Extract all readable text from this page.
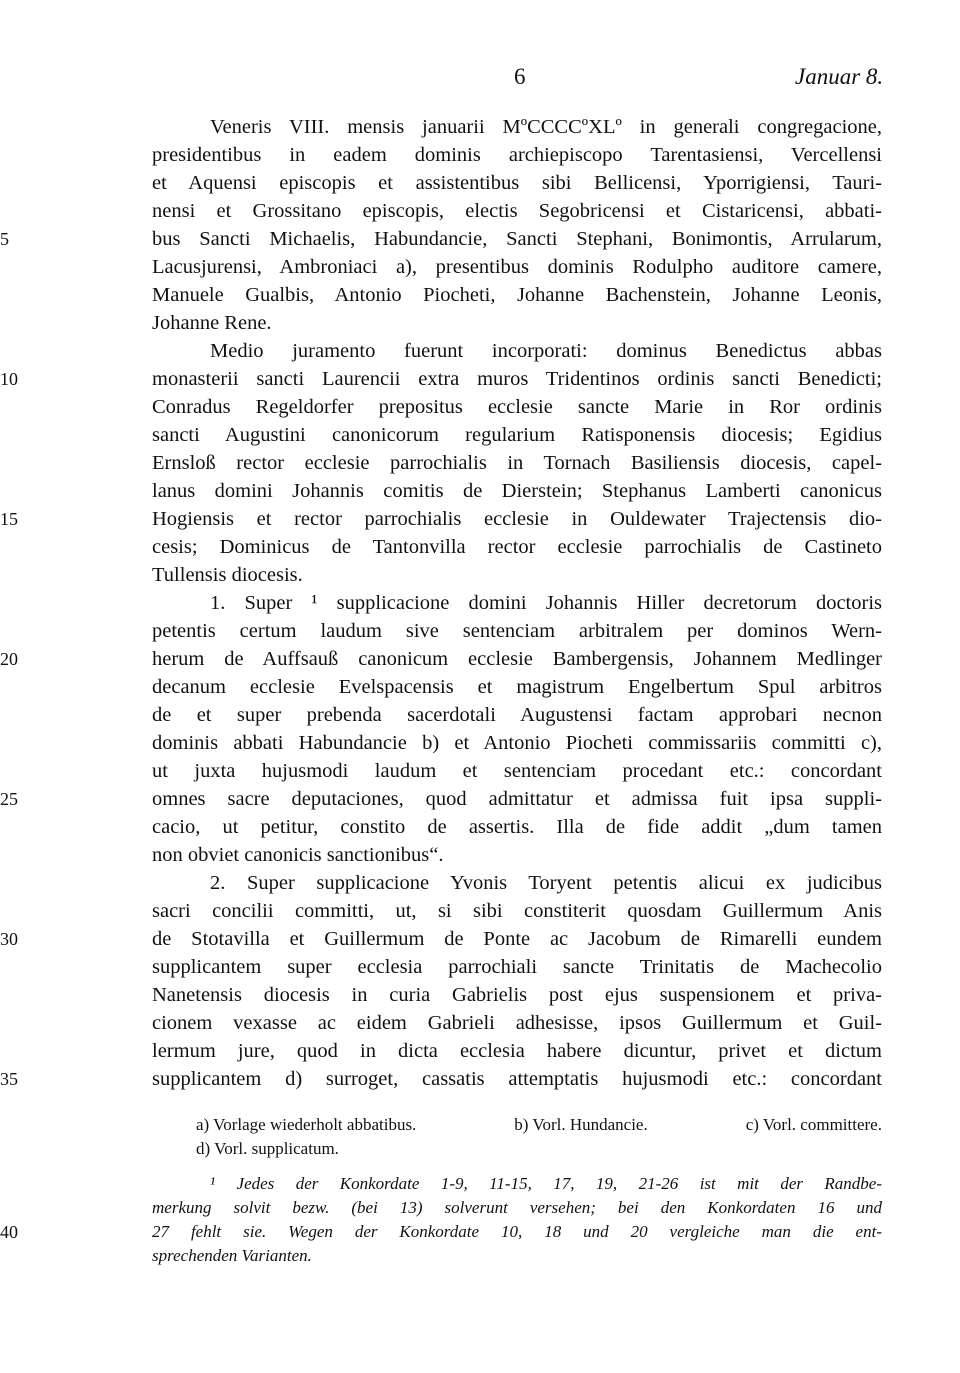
6	Januar 8.
Veneris VIII. mensis januarii MºCCCCºXLº in generali congregacione,
presidentibus in eadem dominis archiepiscopo Tarentasiensi, Vercellensi
et Aquensi episcopis et assistentibus sibi Bellicensi, Yporrigiensi, Tauri-
nensi et Grossitano episcopis, electis Segobricensi et Cistaricensi, abbati-
5	bus Sancti Michaelis, Habundancie, Sancti Stephani, Bonimontis, Arrularum,
Lacusjurensi, Ambroniaci a), presentibus dominis Rodulpho auditore camere,
Manuele Gualbis, Antonio Piocheti, Johanne Bachenstein, Johanne Leonis,
Johanne Rene.
Medio juramento fuerunt incorporati: dominus Benedictus abbas
10	monasterii sancti Laurencii extra muros Tridentinos ordinis sancti Benedicti;
Conradus Regeldorfer prepositus ecclesie sancte Marie in Ror ordinis
sancti Augustini canonicorum regularium Ratisponensis diocesis; Egidius
Ernsloß rector ecclesie parrochialis in Tornach Basiliensis diocesis, capel-
lanus domini Johannis comitis de Dierstein; Stephanus Lamberti canonicus
15	Hogiensis et rector parrochialis ecclesie in Ouldewater Trajectensis dio-
cesis; Dominicus de Tantonvilla rector ecclesie parrochialis de Castineto
Tullensis diocesis.
1. Super ¹ supplicacione domini Johannis Hiller decretorum doctoris
petentis certum laudum sive sentenciam arbitralem per dominos Wern-
20	herum de Auffsauß canonicum ecclesie Bambergensis, Johannem Medlinger
decanum ecclesie Evelspacensis et magistrum Engelbertum Spul arbitros
de et super prebenda sacerdotali Augustensi factam approbari necnon
dominis abbati Habundancie b) et Antonio Piocheti commissariis committi c),
ut juxta hujusmodi laudum et sentenciam procedant etc.: concordant
25	omnes sacre deputaciones, quod admittatur et admissa fuit ipsa suppli-
cacio, ut petitur, constito de assertis. Illa de fide addit „dum tamen
non obviet canonicis sanctionibus“.
2. Super supplicacione Yvonis Toryent petentis alicui ex judicibus
sacri concilii committi, ut, si sibi constiterit quosdam Guillermum Anis
30	de Stotavilla et Guillermum de Ponte ac Jacobum de Rimarelli eundem
supplicantem super ecclesia parrochiali sancte Trinitatis de Machecolio
Nanetensis diocesis in curia Gabrielis post ejus suspensionem et priva-
cionem vexasse ac eidem Gabrieli adhesisse, ipsos Guillermum et Guil-
lermum jure, quod in dicta ecclesia habere dicuntur, privet et dictum
35	supplicantem d) surroget, cassatis attemptatis hujusmodi etc.: concordant
a) Vorlage wiederholt abbatibus.	b) Vorl. Hundancie.	c) Vorl. committere.
d) Vorl. supplicatum.
¹ Jedes der Konkordate 1-9, 11-15, 17, 19, 21-26 ist mit der Randbe-
merkung solvit bezw. (bei 13) solverunt versehen; bei den Konkordaten 16 und
40	27 fehlt sie. Wegen der Konkordate 10, 18 und 20 vergleiche man die ent-
sprechenden Varianten.
